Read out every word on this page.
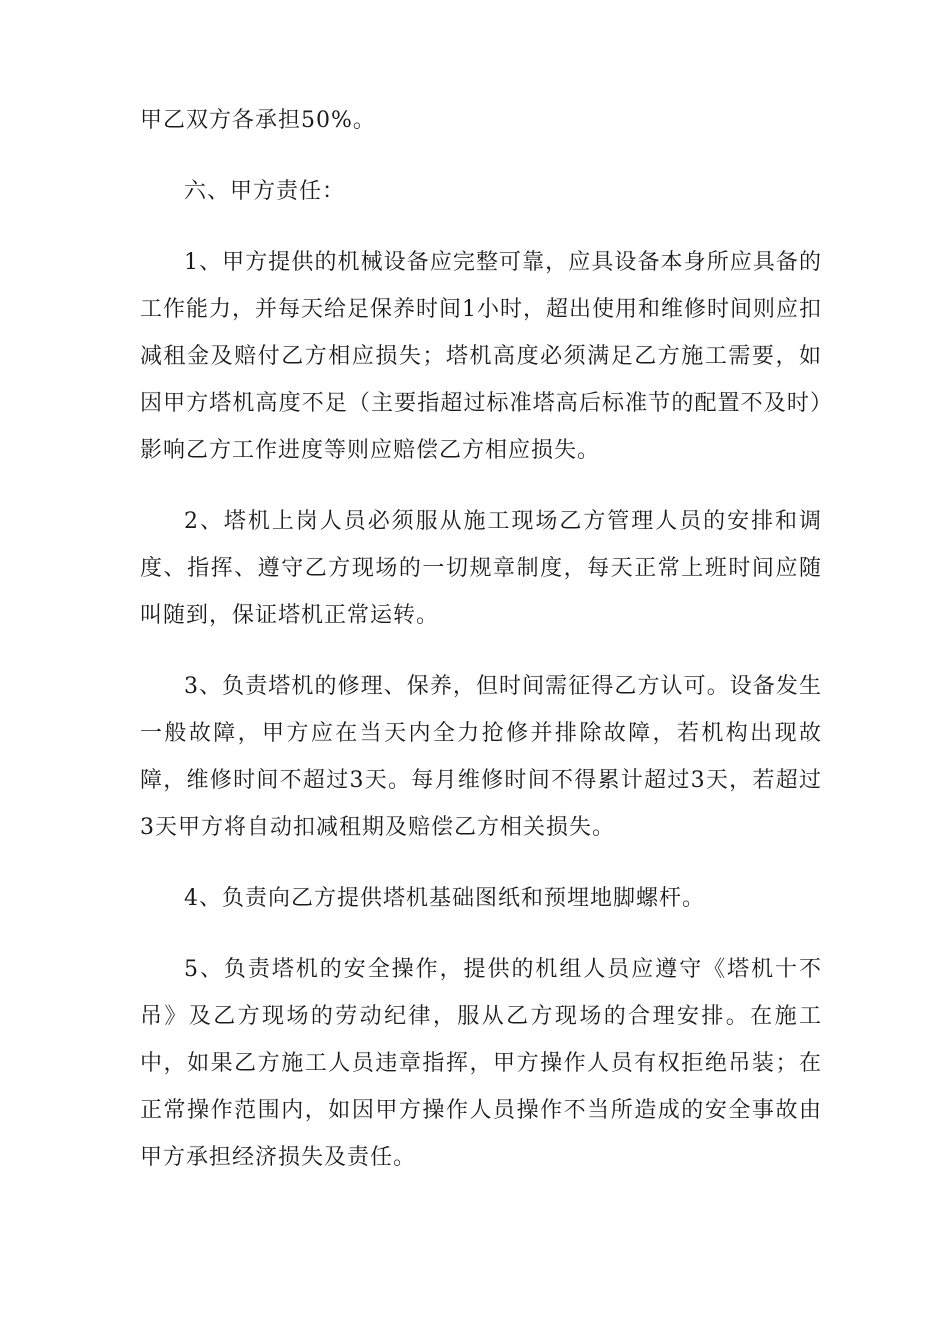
甲乙双方各承担50%。

六、甲方责任：

1、甲方提供的机械设备应完整可靠，应具设备本身所应具备的工作能力，并每天给足保养时间1小时，超出使用和维修时间则应扣减租金及赔付乙方相应损失；塔机高度必须满足乙方施工需要，如因甲方塔机高度不足（主要指超过标准塔高后标准节的配置不及时）影响乙方工作进度等则应赔偿乙方相应损失。

2、塔机上岗人员必须服从施工现场乙方管理人员的安排和调度、指挥、遵守乙方现场的一切规章制度，每天正常上班时间应随叫随到，保证塔机正常运转。

3、负责塔机的修理、保养，但时间需征得乙方认可。设备发生一般故障，甲方应在当天内全力抢修并排除故障，若机构出现故障，维修时间不超过3天。每月维修时间不得累计超过3天，若超过3天甲方将自动扣减租期及赔偿乙方相关损失。

4、负责向乙方提供塔机基础图纸和预埋地脚螺杆。

5、负责塔机的安全操作，提供的机组人员应遵守《塔机十不吊》及乙方现场的劳动纪律，服从乙方现场的合理安排。在施工中，如果乙方施工人员违章指挥，甲方操作人员有权拒绝吊装；在正常操作范围内，如因甲方操作人员操作不当所造成的安全事故由甲方承担经济损失及责任。
